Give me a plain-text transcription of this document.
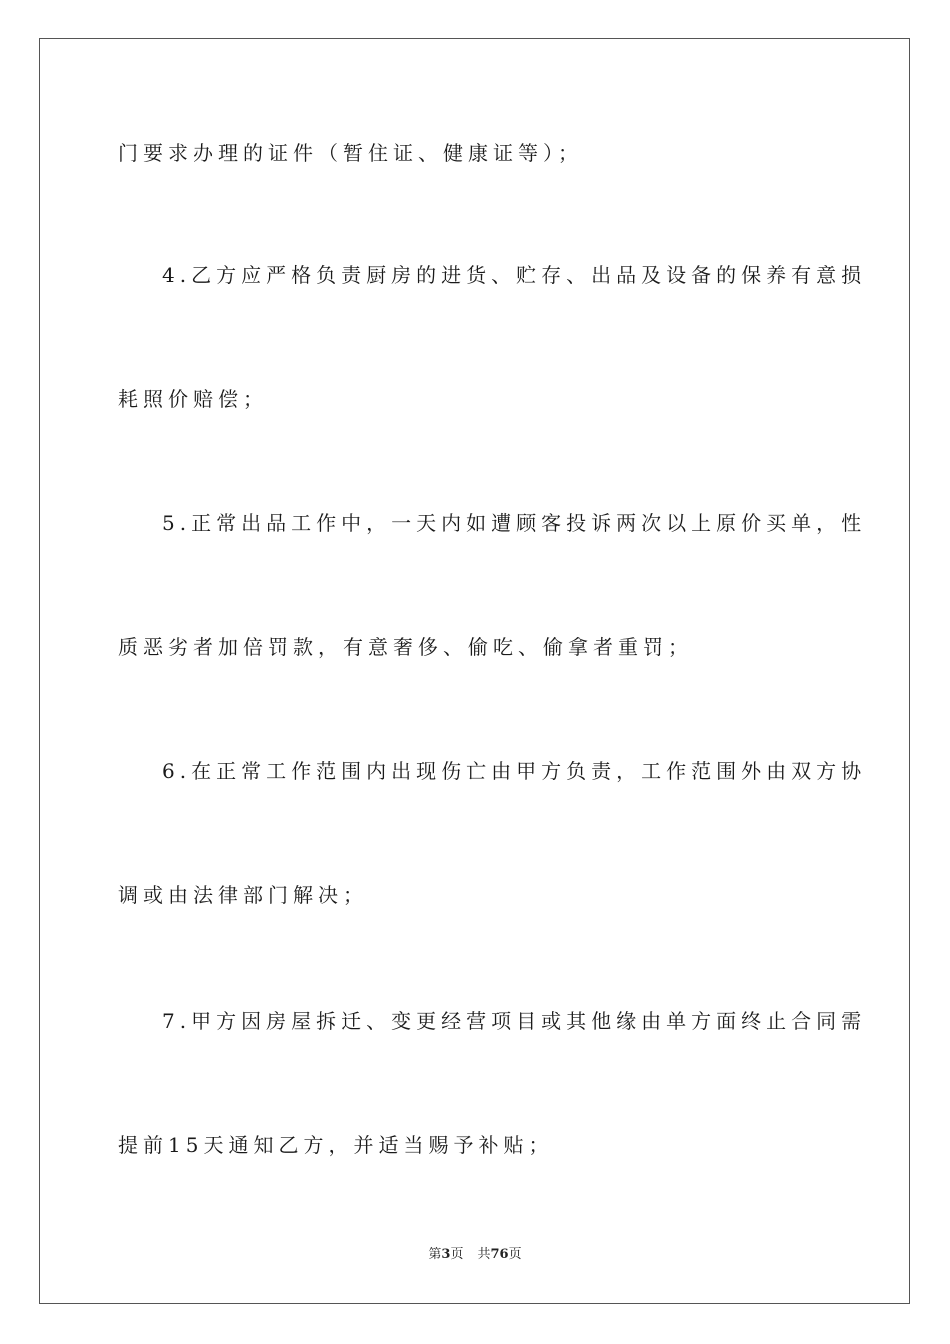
门要求办理的证件（暂住证、健康证等）；
4.乙方应严格负责厨房的进货、贮存、出品及设备的保养有意损
耗照价赔偿；
5.正常出品工作中，一天内如遭顾客投诉两次以上原价买单，性
质恶劣者加倍罚款，有意奢侈、偷吃、偷拿者重罚；
6.在正常工作范围内出现伤亡由甲方负责，工作范围外由双方协
调或由法律部门解决；
7.甲方因房屋拆迁、变更经营项目或其他缘由单方面终止合同需
提前15天通知乙方，并适当赐予补贴；
第3页 共76页
